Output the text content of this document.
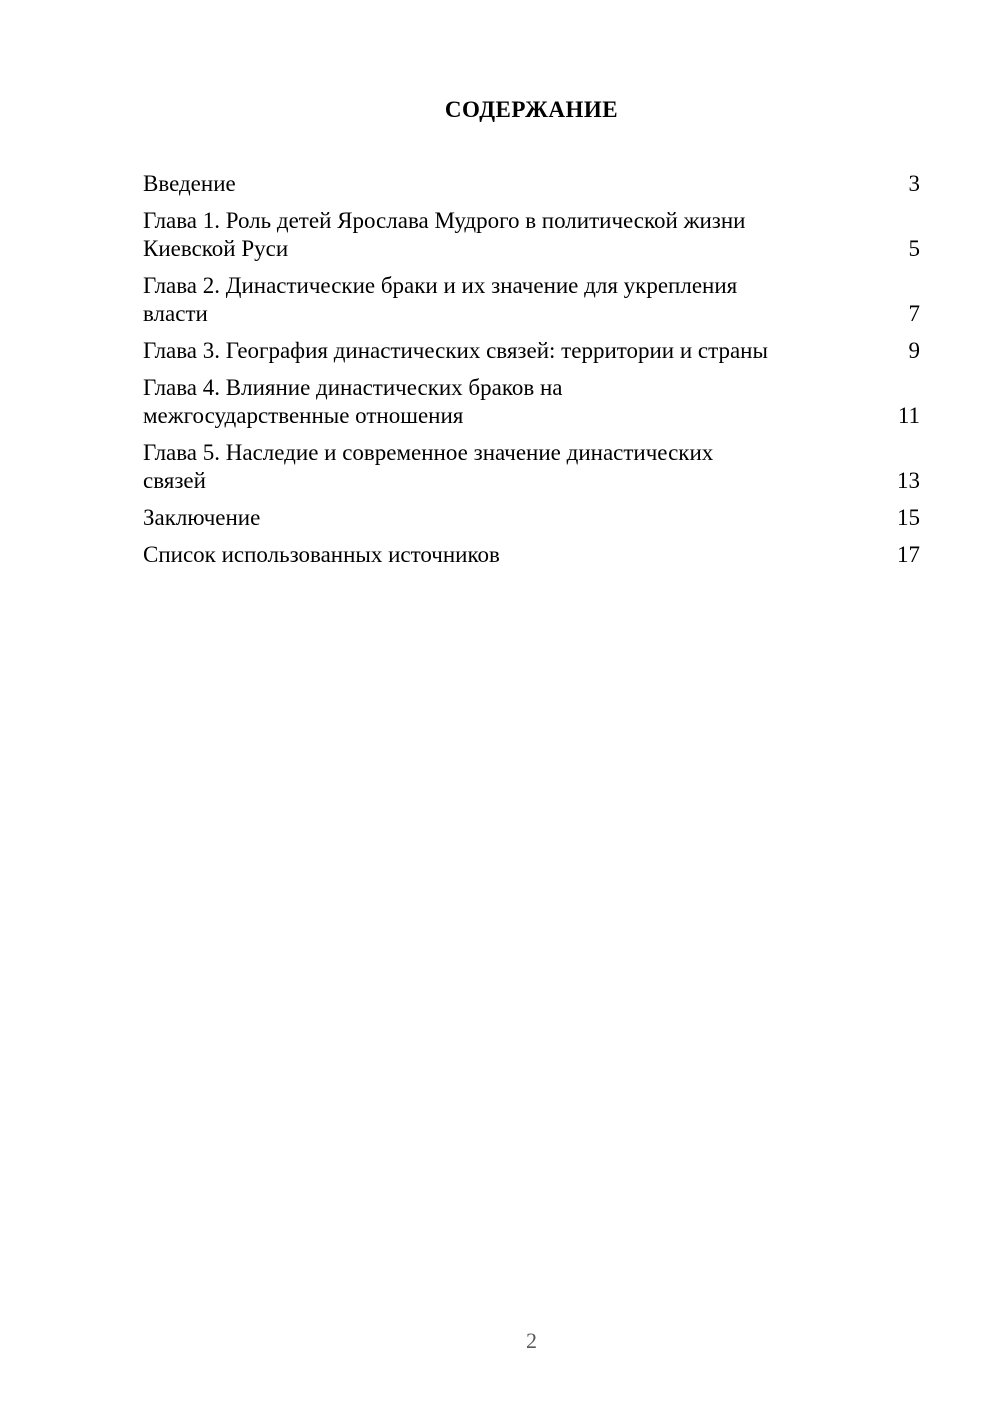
СОДЕРЖАНИЕ
Введение	3
Глава 1. Роль детей Ярослава Мудрого в политической жизни
Киевской Руси	5
Глава 2. Династические браки и их значение для укрепления
власти	7
Глава 3. География династических связей: территории и страны	9
Глава 4. Влияние династических браков на
межгосударственные отношения	11
Глава 5. Наследие и современное значение династических
связей	13
Заключение	15
Список использованных источников	17
2
